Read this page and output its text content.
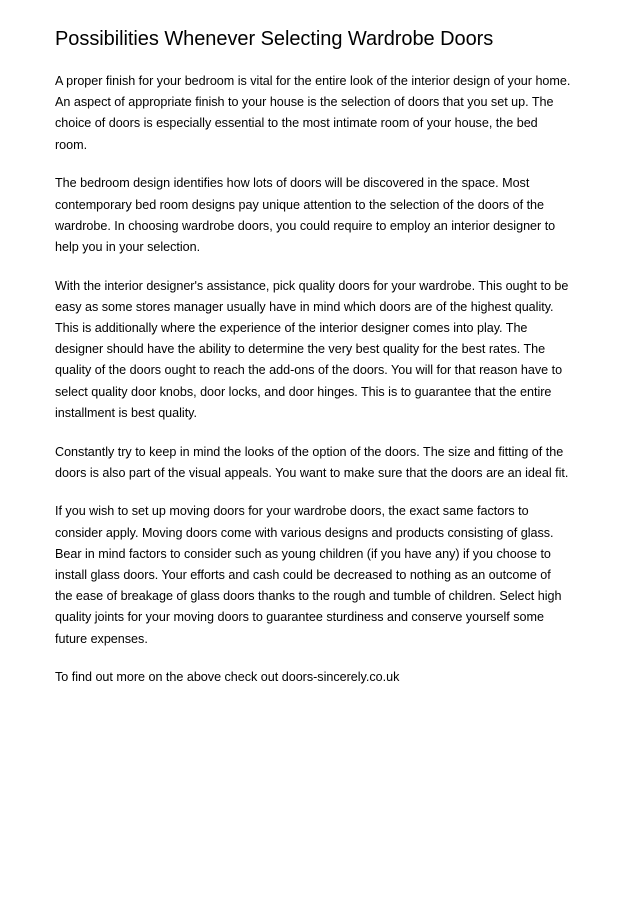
Possibilities Whenever Selecting Wardrobe Doors

A proper finish for your bedroom is vital for the entire look of the interior design of your home.
An aspect of appropriate finish to your house is the selection of doors that you set up. The
choice of doors is especially essential to the most intimate room of your house, the bed
room.

The bedroom design identifies how lots of doors will be discovered in the space. Most
contemporary bed room designs pay unique attention to the selection of the doors of the
wardrobe. In choosing wardrobe doors, you could require to employ an interior designer to
help you in your selection.

With the interior designer's assistance, pick quality doors for your wardrobe. This ought to be
easy as some stores manager usually have in mind which doors are of the highest quality.
This is additionally where the experience of the interior designer comes into play. The
designer should have the ability to determine the very best quality for the best rates. The
quality of the doors ought to reach the add-ons of the doors. You will for that reason have to
select quality door knobs, door locks, and door hinges. This is to guarantee that the entire
installment is best quality.

Constantly try to keep in mind the looks of the option of the doors. The size and fitting of the
doors is also part of the visual appeals. You want to make sure that the doors are an ideal fit.

If you wish to set up moving doors for your wardrobe doors, the exact same factors to
consider apply. Moving doors come with various designs and products consisting of glass.
Bear in mind factors to consider such as young children (if you have any) if you choose to
install glass doors. Your efforts and cash could be decreased to nothing as an outcome of
the ease of breakage of glass doors thanks to the rough and tumble of children. Select high
quality joints for your moving doors to guarantee sturdiness and conserve yourself some
future expenses.

To find out more on the above check out doors-sincerely.co.uk
